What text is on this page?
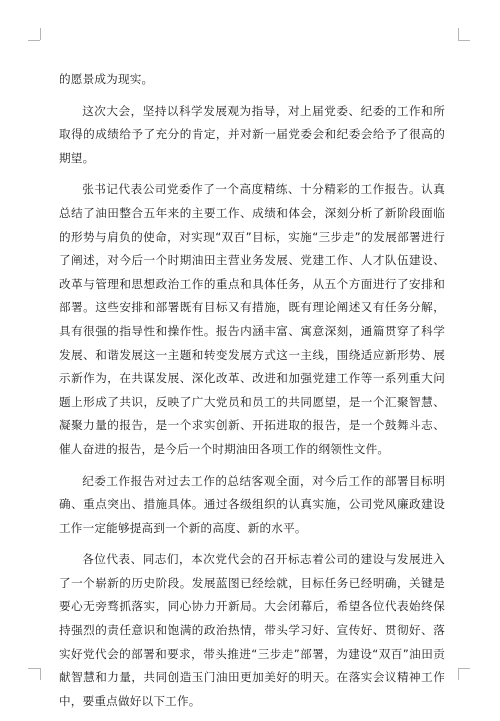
的愿景成为现实。

这次大会，坚持以科学发展观为指导，对上届党委、纪委的工作和所取得的成绩给予了充分的肯定，并对新一届党委会和纪委会给予了很高的期望。

张书记代表公司党委作了一个高度精练、十分精彩的工作报告。认真总结了油田整合五年来的主要工作、成绩和体会，深刻分析了新阶段面临的形势与肩负的使命，对实现“双百”目标，实施“三步走”的发展部署进行了阐述，对今后一个时期油田主营业务发展、党建工作、人才队伍建设、改革与管理和思想政治工作的重点和具体任务，从五个方面进行了安排和部署。这些安排和部署既有目标又有措施，既有理论阐述又有任务分解，具有很强的指导性和操作性。报告内涵丰富、寓意深刻，通篇贯穿了科学发展、和谐发展这一主题和转变发展方式这一主线，围绕适应新形势、展示新作为，在共谋发展、深化改革、改进和加强党建工作等一系列重大问题上形成了共识，反映了广大党员和员工的共同愿望，是一个汇聚智慧、凝聚力量的报告，是一个求实创新、开拓进取的报告，是一个鼓舞斗志、催人奋进的报告，是今后一个时期油田各项工作的纲领性文件。

纪委工作报告对过去工作的总结客观全面，对今后工作的部署目标明确、重点突出、措施具体。通过各级组织的认真实施，公司党风廉政建设工作一定能够提高到一个新的高度、新的水平。

各位代表、同志们，本次党代会的召开标志着公司的建设与发展进入了一个崭新的历史阶段。发展蓝图已经绘就，目标任务已经明确，关键是要心无旁骛抓落实，同心协力开新局。大会闭幕后，希望各位代表始终保持强烈的责任意识和饱满的政治热情，带头学习好、宣传好、贯彻好、落实好党代会的部署和要求，带头推进“三步走”部署，为建设“双百”油田贡献智慧和力量，共同创造玉门油田更加美好的明天。在落实会议精神工作中，要重点做好以下工作。
